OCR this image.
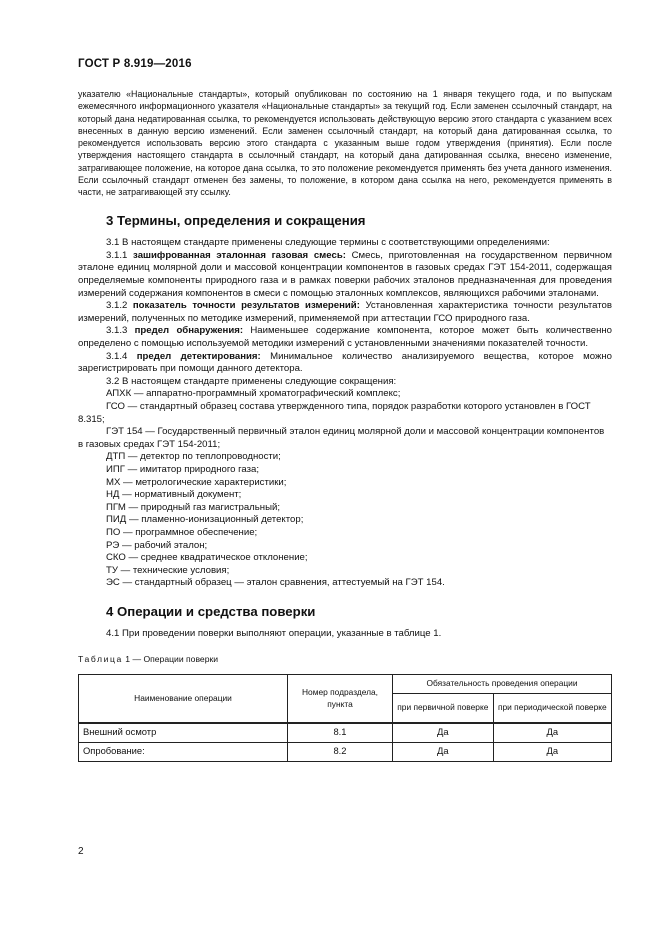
ГОСТ Р 8.919—2016

указателю «Национальные стандарты», который опубликован по состоянию на 1 января текущего года, и по выпускам ежемесячного информационного указателя «Национальные стандарты» за текущий год. Если заменен ссылочный стандарт, на который дана недатированная ссылка, то рекомендуется использовать действующую версию этого стандарта с указанием всех внесенных в данную версию изменений. Если заменен ссылочный стандарт, на который дана датированная ссылка, то рекомендуется использовать версию этого стандарта с указанным выше годом утверждения (принятия). Если после утверждения настоящего стандарта в ссылочный стандарт, на который дана датированная ссылка, внесено изменение, затрагивающее положение, на которое дана ссылка, то это положение рекомендуется применять без учета данного изменения. Если ссылочный стандарт отменен без замены, то положение, в котором дана ссылка на него, рекомендуется применять в части, не затрагивающей эту ссылку.

3 Термины, определения и сокращения

3.1 В настоящем стандарте применены следующие термины с соответствующими определениями:

3.1.1 зашифрованная эталонная газовая смесь: Смесь, приготовленная на государственном первичном эталоне единиц молярной доли и массовой концентрации компонентов в газовых средах ГЭТ 154-2011, содержащая определяемые компоненты природного газа и в рамках поверки рабочих эталонов предназначенная для проведения измерений содержания компонентов в смеси с помощью эталонных комплексов, являющихся рабочими эталонами.

3.1.2 показатель точности результатов измерений: Установленная характеристика точности результатов измерений, полученных по методике измерений, применяемой при аттестации ГСО природного газа.

3.1.3 предел обнаружения: Наименьшее содержание компонента, которое может быть количественно определено с помощью используемой методики измерений с установленными значениями показателей точности.

3.1.4 предел детектирования: Минимальное количество анализируемого вещества, которое можно зарегистрировать при помощи данного детектора.

3.2 В настоящем стандарте применены следующие сокращения:

АПХК — аппаратно-программный хроматографический комплекс;
ГСО — стандартный образец состава утвержденного типа, порядок разработки которого установлен в ГОСТ 8.315;
ГЭТ 154 — Государственный первичный эталон единиц молярной доли и массовой концентрации компонентов в газовых средах ГЭТ 154-2011;
ДТП — детектор по теплопроводности;
ИПГ — имитатор природного газа;
МХ — метрологические характеристики;
НД — нормативный документ;
ПГМ — природный газ магистральный;
ПИД — пламенно-ионизационный детектор;
ПО — программное обеспечение;
РЭ — рабочий эталон;
СКО — среднее квадратическое отклонение;
ТУ — технические условия;
ЭС — стандартный образец — эталон сравнения, аттестуемый на ГЭТ 154.
4 Операции и средства поверки

4.1 При проведении поверки выполняют операции, указанные в таблице 1.

Таблица 1 — Операции поверки

Наименование операции	Номер подраздела, пункта	Обязательность проведения операции	
		при первичной поверке	при периодической поверке
Внешний осмотр	8.1	Да	Да
Опробование:	8.2	Да	Да
2
